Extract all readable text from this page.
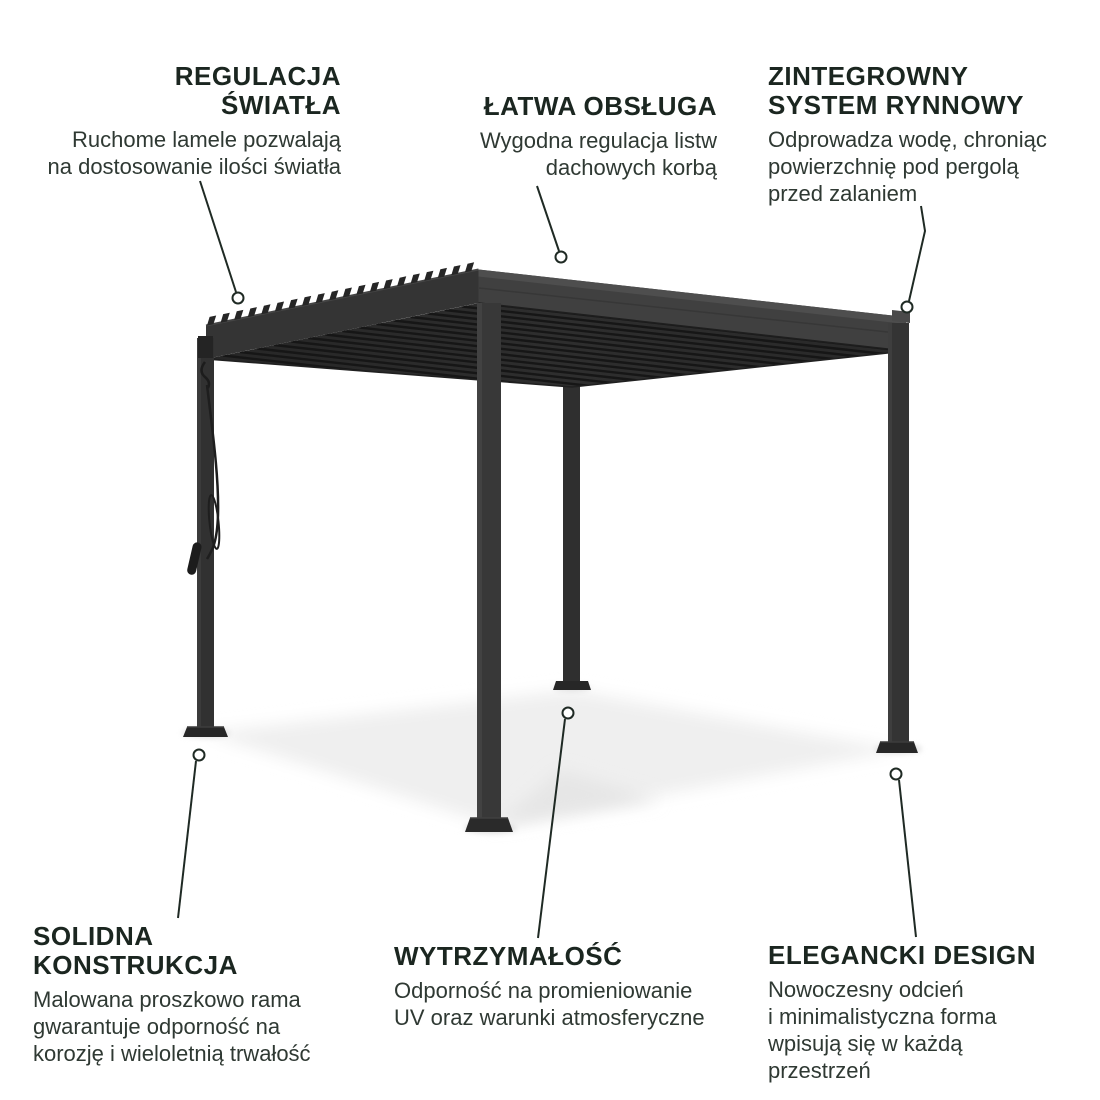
REGULACJA
ŚWIATŁA
Ruchome lamele pozwalają
na dostosowanie ilości światła
ŁATWA OBSŁUGA
Wygodna regulacja listw
dachowych korbą
ZINTEGROWNY
SYSTEM RYNNOWY
Odprowadza wodę, chroniąc
powierzchnię pod pergolą
przed zalaniem
SOLIDNA
KONSTRUKCJA
Malowana proszkowo rama
gwarantuje odporność na
korozję i wieloletnią trwałość
WYTRZYMAŁOŚĆ
Odporność na promieniowanie
UV oraz warunki atmosferyczne
ELEGANCKI DESIGN
Nowoczesny odcień
i minimalistyczna forma
wpisują się w każdą
przestrzeń
